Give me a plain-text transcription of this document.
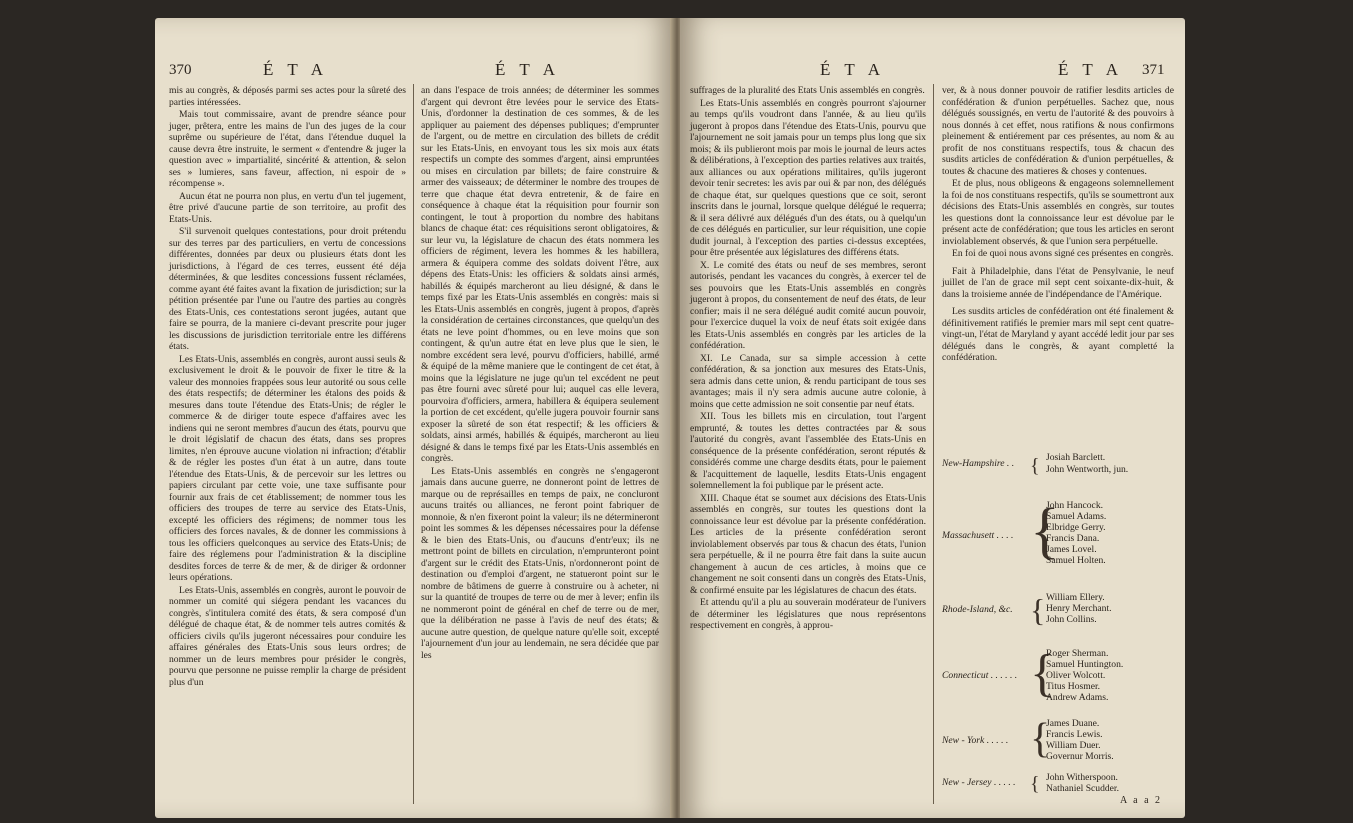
370	É T A	É T A

mis au congrès, & déposés parmi ses actes pour la sûreté des parties intéressées.

Mais tout commissaire, avant de prendre séance pour juger, prêtera, entre les mains de l'un des juges de la cour suprême ou supérieure de l'état, dans l'étendue duquel la cause devra être instruite, le serment « d'entendre & juger la question avec » impartialité, sincérité & attention, & selon ses » lumieres, sans faveur, affection, ni espoir de » récompense ».

Aucun état ne pourra non plus, en vertu d'un tel jugement, être privé d'aucune partie de son territoire, au profit des Etats-Unis.

S'il survenoit quelques contestations, pour droit prétendu sur des terres par des particuliers, en vertu de concessions différentes, données par deux ou plusieurs états dont les jurisdictions, à l'égard de ces terres, eussent été déja déterminées, & que lesdites concessions fussent réclamées, comme ayant été faites avant la fixation de jurisdiction; sur la pétition présentée par l'une ou l'autre des parties au congrès des Etats-Unis, ces contestations seront jugées, autant que faire se pourra, de la maniere ci-devant prescrite pour juger les discussions de jurisdiction territoriale entre les différens états.

Les Etats-Unis, assemblés en congrès, auront aussi seuls & exclusivement le droit & le pouvoir de fixer le titre & la valeur des monnoies frappées sous leur autorité ou sous celle des états respectifs; de déterminer les étalons des poids & mesures dans toute l'étendue des Etats-Unis; de régler le commerce & de diriger toute espece d'affaires avec les indiens qui ne seront membres d'aucun des états, pourvu que le droit législatif de chacun des états, dans ses propres limites, n'en éprouve aucune violation ni infraction; d'établir & de régler les postes d'un état à un autre, dans toute l'étendue des Etats-Unis, & de percevoir sur les lettres ou papiers circulant par cette voie, une taxe suffisante pour fournir aux frais de cet établissement; de nommer tous les officiers des troupes de terre au service des Etats-Unis, excepté les officiers des régimens; de nommer tous les officiers des forces navales, & de donner les commissions à tous les officiers quelconques au service des Etats-Unis; de faire des réglemens pour l'administration & la discipline desdites forces de terre & de mer, & de diriger & ordonner leurs opérations.

Les Etats-Unis, assemblés en congrès, auront le pouvoir de nommer un comité qui siégera pendant les vacances du congrès, s'intitulera comité des états, & sera composé d'un délégué de chaque état, & de nommer tels autres comités & officiers civils qu'ils jugeront nécessaires pour conduire les affaires générales des Etats-Unis sous leurs ordres; de nommer un de leurs membres pour présider le congrès, pourvu que personne ne puisse remplir la charge de président plus d'un

an dans l'espace de trois années; de déterminer les sommes d'argent qui devront être levées pour le service des Etats-Unis, d'ordonner la destination de ces sommes, & de les appliquer au paiement des dépenses publiques; d'emprunter de l'argent, ou de mettre en circulation des billets de crédit sur les Etats-Unis, en envoyant tous les six mois aux états respectifs un compte des sommes d'argent, ainsi empruntées ou mises en circulation par billets; de faire construire & armer des vaisseaux; de déterminer le nombre des troupes de terre que chaque état devra entretenir, & de faire en conséquence à chaque état la réquisition pour fournir son contingent, le tout à proportion du nombre des habitans blancs de chaque état: ces réquisitions seront obligatoires, & sur leur vu, la législature de chacun des états nommera les officiers de régiment, levera les hommes & les habillera, armera & équipera comme des soldats doivent l'être, aux dépens des Etats-Unis: les officiers & soldats ainsi armés, habillés & équipés marcheront au lieu désigné, & dans le temps fixé par les Etats-Unis assemblés en congrès: mais si les Etats-Unis assemblés en congrès, jugent à propos, d'après la considération de certaines circonstances, que quelqu'un des états ne leve point d'hommes, ou en leve moins que son contingent, & qu'un autre état en leve plus que le sien, le nombre excédent sera levé, pourvu d'officiers, habillé, armé & équipé de la même maniere que le contingent de cet état, à moins que la législature ne juge qu'un tel excédent ne peut pas être fourni avec sûreté pour lui; auquel cas elle levera, pourvoira d'officiers, armera, habillera & équipera seulement la portion de cet excédent, qu'elle jugera pouvoir fournir sans exposer la sûreté de son état respectif; & les officiers & soldats, ainsi armés, habillés & équipés, marcheront au lieu désigné & dans le temps fixé par les Etats-Unis assemblés en congrès.

Les Etats-Unis assemblés en congrès ne s'engageront jamais dans aucune guerre, ne donneront point de lettres de marque ou de représailles en temps de paix, ne concluront aucuns traités ou alliances, ne feront point fabriquer de monnoie, & n'en fixeront point la valeur; ils ne détermineront point les sommes & les dépenses nécessaires pour la défense & le bien des Etats-Unis, ou d'aucuns d'entr'eux; ils ne mettront point de billets en circulation, n'emprunteront point d'argent sur le crédit des Etats-Unis, n'ordonneront point de destination ou d'emploi d'argent, ne statueront point sur le nombre de bâtimens de guerre à construire ou à acheter, ni sur la quantité de troupes de terre ou de mer à lever; enfin ils ne nommeront point de général en chef de terre ou de mer, que la délibération ne passe à l'avis de neuf des états; & aucune autre question, de quelque nature qu'elle soit, excepté l'ajournement d'un jour au lendemain, ne sera décidée que par les

É T A	É T A 371

suffrages de la pluralité des Etats Unis assemblés en congrès.

Les Etats-Unis assemblés en congrès pourront s'ajourner au temps qu'ils voudront dans l'année, & au lieu qu'ils jugeront à propos dans l'étendue des Etats-Unis, pourvu que l'ajournement ne soit jamais pour un temps plus long que six mois; & ils publieront mois par mois le journal de leurs actes & délibérations, à l'exception des parties relatives aux traités, aux alliances ou aux opérations militaires, qu'ils jugeront devoir tenir secretes: les avis par oui & par non, des délégués de chaque état, sur quelques questions que ce soit, seront inscrits dans le journal, lorsque quelque délégué le requerra; & il sera délivré aux délégués d'un des états, ou à quelqu'un de ces délégués en particulier, sur leur réquisition, une copie dudit journal, à l'exception des parties ci-dessus exceptées, pour être présentée aux législatures des différens états.

X. Le comité des états ou neuf de ses membres, seront autorisés, pendant les vacances du congrès, à exercer tel de ses pouvoirs que les Etats-Unis assemblés en congrès jugeront à propos, du consentement de neuf des états, de leur confier; mais il ne sera délégué audit comité aucun pouvoir, pour l'exercice duquel la voix de neuf états soit exigée dans les Etats-Unis assemblés en congrès par les articles de la confédération.

XI. Le Canada, sur sa simple accession à cette confédération, & sa jonction aux mesures des Etats-Unis, sera admis dans cette union, & rendu participant de tous ses avantages; mais il n'y sera admis aucune autre colonie, à moins que cette admission ne soit consentie par neuf états.

XII. Tous les billets mis en circulation, tout l'argent emprunté, & toutes les dettes contractées par & sous l'autorité du congrès, avant l'assemblée des Etats-Unis en conséquence de la présente confédération, seront réputés & considérés comme une charge desdits états, pour le paiement & l'acquittement de laquelle, lesdits Etats-Unis engagent solemnellement la foi publique par le présent acte.

XIII. Chaque état se soumet aux décisions des Etats-Unis assemblés en congrès, sur toutes les questions dont la connoissance leur est dévolue par la présente confédération. Les articles de la présente confédération seront inviolablement observés par tous & chacun des états, l'union sera perpétuelle, & il ne pourra être fait dans la suite aucun changement à aucun de ces articles, à moins que ce changement ne soit consenti dans un congrès des Etats-Unis, & confirmé ensuite par les législatures de chacun des états.

Et attendu qu'il a plu au souverain modérateur de l'univers de déterminer les législatures que nous représentons respectivement en congrès, à approu-

ver, & à nous donner pouvoir de ratifier lesdits articles de confédération & d'union perpétuelles. Sachez que, nous délégués soussignés, en vertu de l'autorité & des pouvoirs à nous donnés à cet effet, nous ratifions & nous confirmons pleinement & entiérement par ces présentes, au nom & au profit de nos constituans respectifs, tous & chacun des susdits articles de confédération & d'union perpétuelles, & toutes & chacune des matieres & choses y contenues.

Et de plus, nous obligeons & engageons solemnellement la foi de nos constituans respectifs, qu'ils se soumettront aux décisions des Etats-Unis assemblés en congrès, sur toutes les questions dont la connoissance leur est dévolue par le présent acte de confédération; que tous les articles en seront inviolablement observés, & que l'union sera perpétuelle.

En foi de quoi nous avons signé ces présentes en congrès.

Fait à Philadelphie, dans l'état de Pensylvanie, le neuf juillet de l'an de grace mil sept cent soixante-dix-huit, & dans la troisieme année de l'indépendance de l'Amérique.

Les susdits articles de confédération ont été finalement & définitivement ratifiés le premier mars mil sept cent quatre-vingt-un, l'état de Maryland y ayant accédé ledit jour par ses délégués dans le congrès, & ayant completté la confédération.

New-Hampshire . . { Josiah Barclett.
John Wentworth, jun.
Massachusett . . . . {
John Hancock.
Samuel Adams.
Elbridge Gerry.
Francis Dana.
James Lovel.
Samuel Holten.
Rhode-Island, &c. { William Ellery.
Henry Merchant.
John Collins.
Connecticut . . . . . . {
Roger Sherman.
Samuel Huntington.
Oliver Wolcott.
Titus Hosmer.
Andrew Adams.
New - York . . . . . {
James Duane.
Francis Lewis.
William Duer.
Governur Morris.
New - Jersey . . . . . { John Witherspoon.
Nathaniel Scudder.
A a a 2
